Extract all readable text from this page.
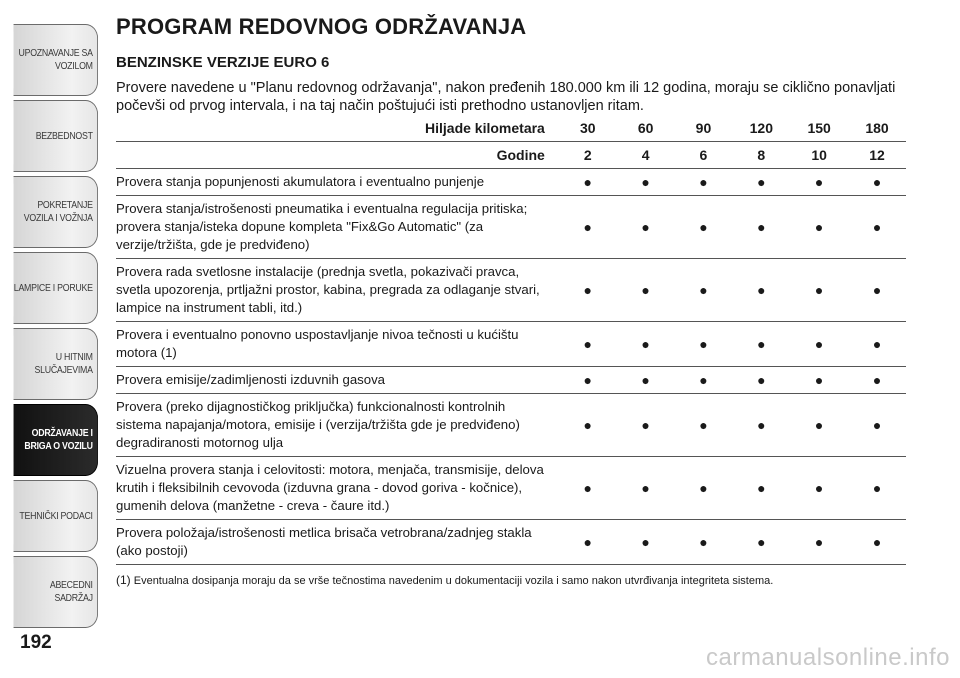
UPOZNAVANJE SA VOZILOM
BEZBEDNOST
POKRETANJE VOZILA I VOŽNJA
LAMPICE I PORUKE
U HITNIM SLUČAJEVIMA
ODRŽAVANJE I BRIGA O VOZILU
TEHNIČKI PODACI
ABECEDNI SADRŽAJ
192
PROGRAM REDOVNOG ODRŽAVANJA
BENZINSKE VERZIJE EURO 6

Provere navedene u "Planu redovnog održavanja", nakon pređenih 180.000 km ili 12 godina, moraju se ciklično ponavljati počevši od prvog intervala, i na taj način poštujući isti prethodno ustanovljen ritam.

Hiljade kilometara	30	60	90	120	150	180
Godine	2	4	6	8	10	12
Provera stanja popunjenosti akumulatora i eventualno punjenje	●	●	●	●	●	●
Provera stanja/istrošenosti pneumatika i eventualna regulacija pritiska; provera stanja/isteka dopune kompleta "Fix&Go Automatic" (za verzije/tržišta, gde je predviđeno)	●	●	●	●	●	●
Provera rada svetlosne instalacije (prednja svetla, pokazivači pravca, svetla upozorenja, prtljažni prostor, kabina, pregrada za odlaganje stvari, lampice na instrument tabli, itd.)	●	●	●	●	●	●
Provera i eventualno ponovno uspostavljanje nivoa tečnosti u kućištu motora (1)	●	●	●	●	●	●
Provera emisije/zadimljenosti izduvnih gasova	●	●	●	●	●	●
Provera (preko dijagnostičkog priključka) funkcionalnosti kontrolnih sistema napajanja/motora, emisije i (verzija/tržišta gde je predviđeno) degradiranosti motornog ulja	●	●	●	●	●	●
Vizuelna provera stanja i celovitosti: motora, menjača, transmisije, delova krutih i fleksibilnih cevovoda (izduvna grana - dovod goriva - kočnice), gumenih delova (manžetne - creva - čaure itd.)	●	●	●	●	●	●
Provera položaja/istrošenosti metlica brisača vetrobrana/zadnjeg stakla (ako postoji)	●	●	●	●	●	●
(1) Eventualna dosipanja moraju da se vrše tečnostima navedenim u dokumentaciji vozila i samo nakon utvrđivanja integriteta sistema.
carmanualsonline.info
